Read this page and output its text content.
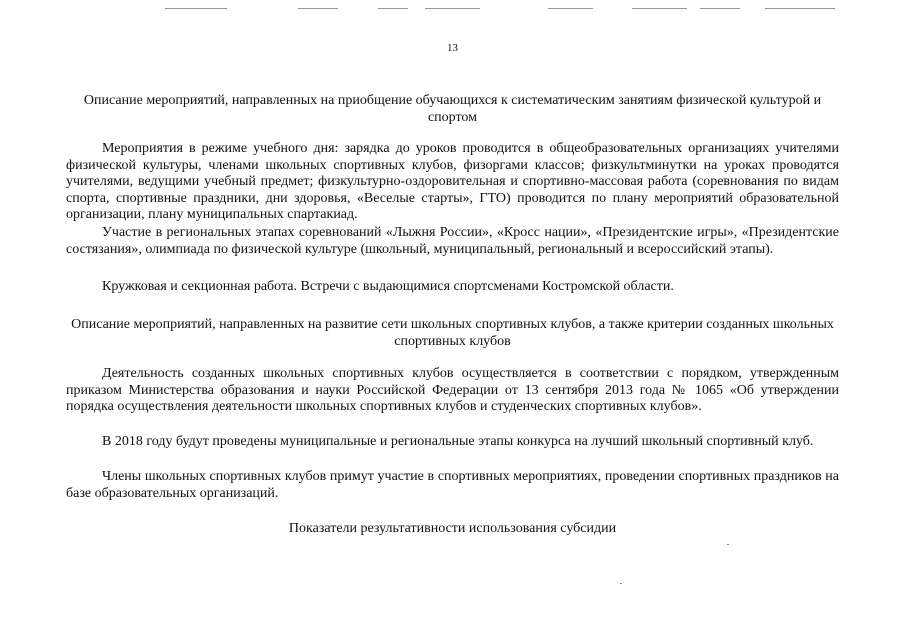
13
Описание мероприятий, направленных на приобщение обучающихся к систематическим занятиям физической культурой и спортом

Мероприятия в режиме учебного дня: зарядка до уроков проводится в общеобразовательных организациях учителями физической культуры, членами школьных спортивных клубов, физоргами классов; физкультминутки на уроках проводятся учителями, ведущими учебный предмет; физкультурно-оздоровительная и спортивно-массовая работа (соревнования по видам спорта, спортивные праздники, дни здоровья, «Веселые старты», ГТО) проводится по плану мероприятий образовательной организации, плану муниципальных спартакиад.

Участие в региональных этапах соревнований «Лыжня России», «Кросс нации», «Президентские игры», «Президентские состязания», олимпиада по физической культуре (школьный, муниципальный, региональный и всероссийский этапы).

Кружковая и секционная работа. Встречи с выдающимися спортсменами Костромской области.

Описание мероприятий, направленных на развитие сети школьных спортивных клубов, а также критерии созданных школьных спортивных клубов

Деятельность созданных школьных спортивных клубов осуществляется в соответствии с порядком, утвержденным приказом Министерства образования и науки Российской Федерации от 13 сентября 2013 года № 1065 «Об утверждении порядка осуществления деятельности школьных спортивных клубов и студенческих спортивных клубов».

В 2018 году будут проведены муниципальные и региональные этапы конкурса на лучший школьный спортивный клуб.

Члены школьных спортивных клубов примут участие в спортивных мероприятиях, проведении спортивных праздников на базе образовательных организаций.

Показатели результативности использования субсидии
